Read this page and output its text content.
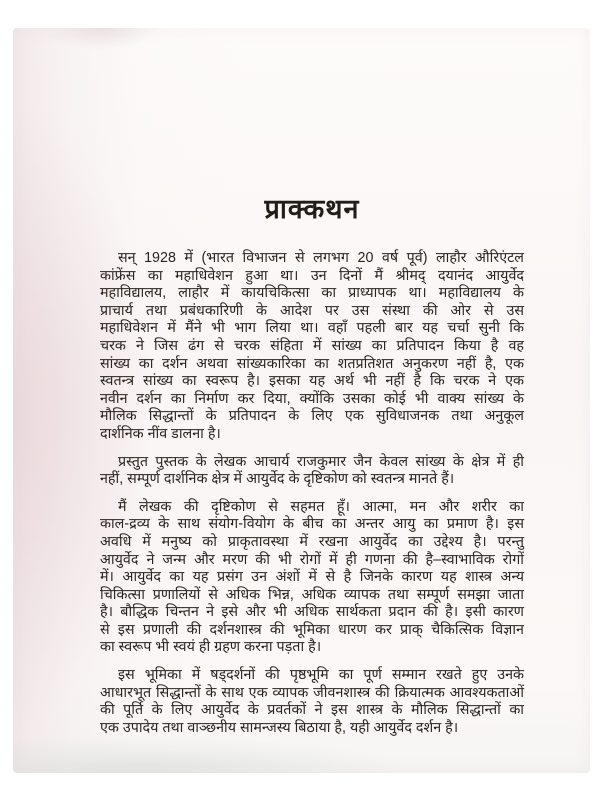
प्राक्कथन
सन् 1928 में (भारत विभाजन से लगभग 20 वर्ष पूर्व) लाहौर औरिएंटल
कांफ्रेंस का महाधिवेशन हुआ था। उन दिनों मैं श्रीमद् दयानंद आयुर्वेद
महाविद्यालय, लाहौर में कायचिकित्सा का प्राध्यापक था। महाविद्यालय के
प्राचार्य तथा प्रबंधकारिणी के आदेश पर उस संस्था की ओर से उस
महाधिवेशन में मैंने भी भाग लिया था। वहाँ पहली बार यह चर्चा सुनी कि
चरक ने जिस ढंग से चरक संहिता में सांख्य का प्रतिपादन किया है वह
सांख्य का दर्शन अथवा सांख्यकारिका का शतप्रतिशत अनुकरण नहीं है, एक
स्वतन्त्र सांख्य का स्वरूप है। इसका यह अर्थ भी नहीं है कि चरक ने एक
नवीन दर्शन का निर्माण कर दिया, क्योंकि उसका कोई भी वाक्य सांख्य के
मौलिक सिद्धान्तों के प्रतिपादन के लिए एक सुविधाजनक तथा अनुकूल
दार्शनिक नींव डालना है।
प्रस्तुत पुस्तक के लेखक आचार्य राजकुमार जैन केवल सांख्य के क्षेत्र में ही
नहीं, सम्पूर्ण दार्शनिक क्षेत्र में आयुर्वेद के दृष्टिकोण को स्वतन्त्र मानते हैं।
मैं लेखक की दृष्टिकोण से सहमत हूँ। आत्मा, मन और शरीर का
काल-द्रव्य के साथ संयोग-वियोग के बीच का अन्तर आयु का प्रमाण है। इस
अवधि में मनुष्य को प्राकृतावस्था में रखना आयुर्वेद का उद्देश्य है। परन्तु
आयुर्वेद ने जन्म और मरण की भी रोगों में ही गणना की है–स्वाभाविक रोगों
में। आयुर्वेद का यह प्रसंग उन अंशों में से है जिनके कारण यह शास्त्र अन्य
चिकित्सा प्रणालियों से अधिक भिन्न, अधिक व्यापक तथा सम्पूर्ण समझा जाता
है। बौद्धिक चिन्तन ने इसे और भी अधिक सार्थकता प्रदान की है। इसी कारण
से इस प्रणाली की दर्शनशास्त्र की भूमिका धारण कर प्राक् चैकित्सिक विज्ञान
का स्वरूप भी स्वयं ही ग्रहण करना पड़ता है।
इस भूमिका में षड्दर्शनों की पृष्ठभूमि का पूर्ण सम्मान रखते हुए उनके
आधारभूत सिद्धान्तों के साथ एक व्यापक जीवनशास्त्र की क्रियात्मक आवश्यकताओं
की पूर्ति के लिए आयुर्वेद के प्रवर्तकों ने इस शास्त्र के मौलिक सिद्धान्तों का
एक उपादेय तथा वाञ्छनीय सामन्जस्य बिठाया है, यही आयुर्वेद दर्शन है।
